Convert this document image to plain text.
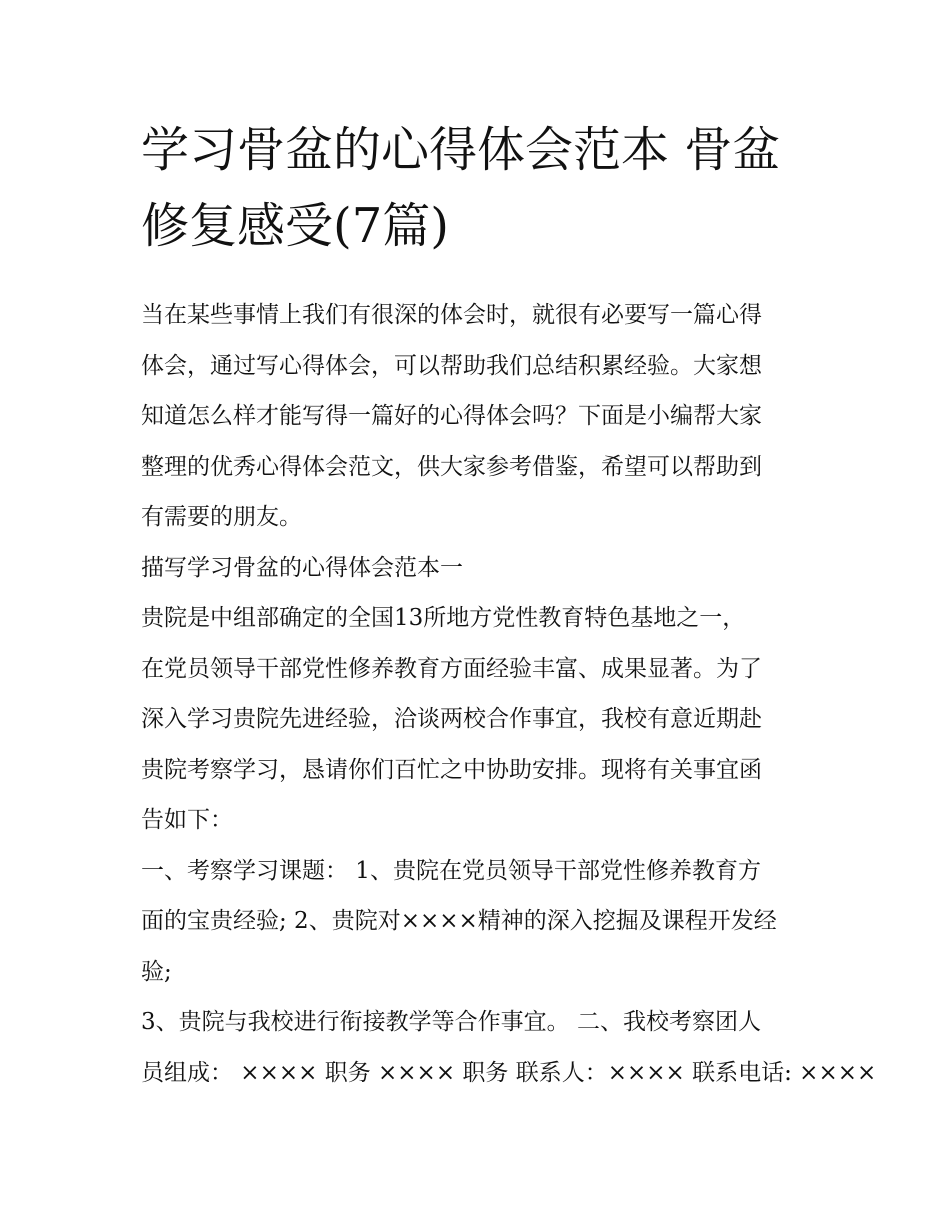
学习骨盆的心得体会范本 骨盆
修复感受(7篇)

当在某些事情上我们有很深的体会时，就很有必要写一篇心得
体会，通过写心得体会，可以帮助我们总结积累经验。大家想
知道怎么样才能写得一篇好的心得体会吗？下面是小编帮大家
整理的优秀心得体会范文，供大家参考借鉴，希望可以帮助到
有需要的朋友。

描写学习骨盆的心得体会范本一

贵院是中组部确定的全国13所地方党性教育特色基地之一，
在党员领导干部党性修养教育方面经验丰富、成果显著。为了
深入学习贵院先进经验，洽谈两校合作事宜，我校有意近期赴
贵院考察学习，恳请你们百忙之中协助安排。现将有关事宜函
告如下：

一、考察学习课题： 1、贵院在党员领导干部党性修养教育方
面的宝贵经验; 2、贵院对××××精神的深入挖掘及课程开发经
验;

3、贵院与我校进行衔接教学等合作事宜。 二、我校考察团人
员组成： ×××× 职务 ×××× 职务 联系人：×××× 联系电话: ××××
